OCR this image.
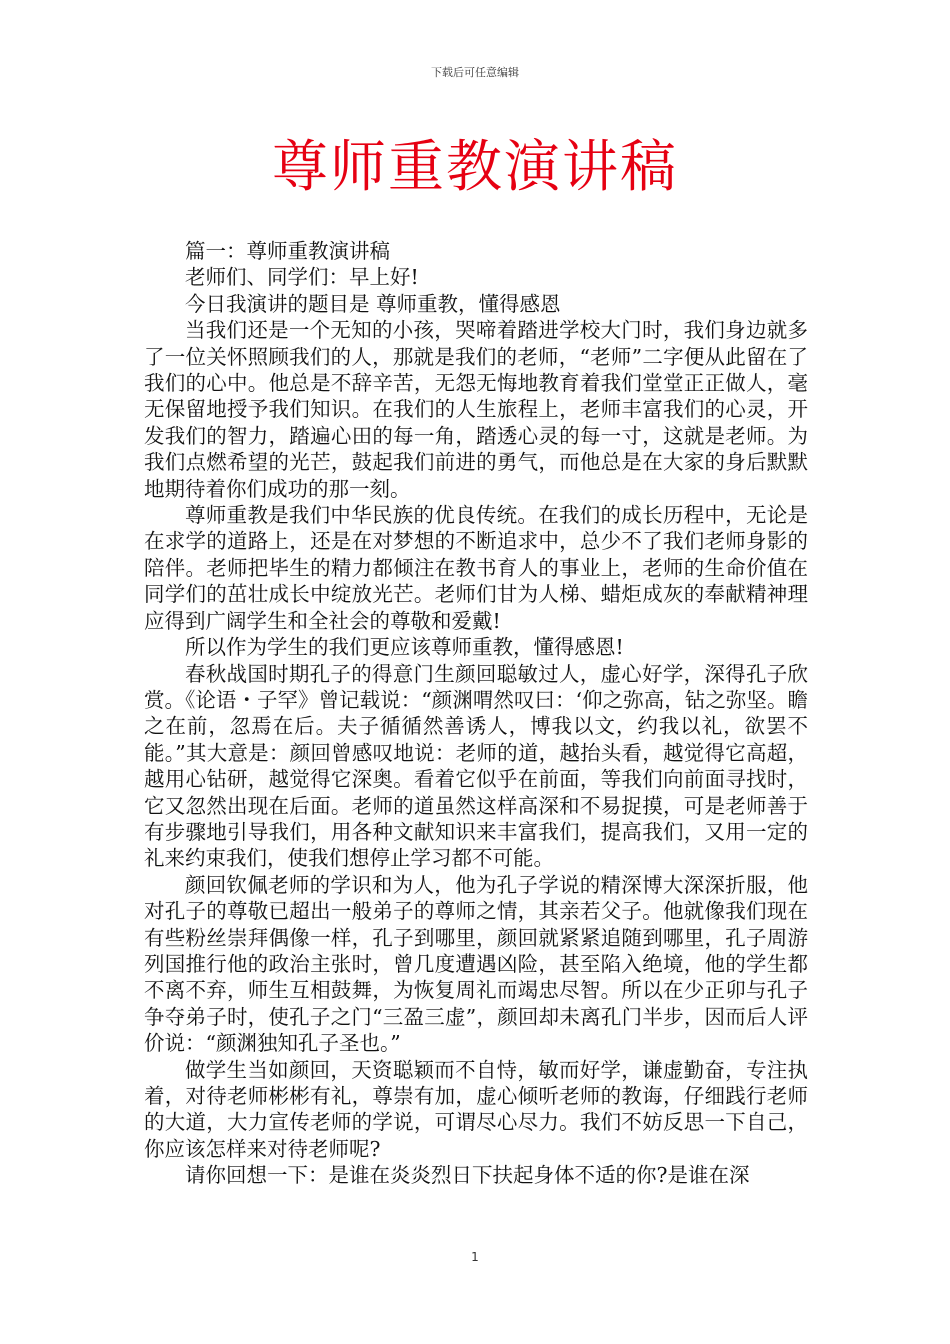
下载后可任意编辑
尊师重教演讲稿

篇一：尊师重教演讲稿

老师们、同学们：早上好!

今日我演讲的题目是 尊师重教，懂得感恩

当我们还是一个无知的小孩，哭啼着踏进学校大门时，我们身边就多了一位关怀照顾我们的人，那就是我们的老师，“老师”二字便从此留在了我们的心中。他总是不辞辛苦，无怨无悔地教育着我们堂堂正正做人，毫无保留地授予我们知识。在我们的人生旅程上，老师丰富我们的心灵，开发我们的智力，踏遍心田的每一角，踏透心灵的每一寸，这就是老师。为我们点燃希望的光芒，鼓起我们前进的勇气，而他总是在大家的身后默默地期待着你们成功的那一刻。

尊师重教是我们中华民族的优良传统。在我们的成长历程中，无论是在求学的道路上，还是在对梦想的不断追求中，总少不了我们老师身影的陪伴。老师把毕生的精力都倾注在教书育人的事业上，老师的生命价值在同学们的茁壮成长中绽放光芒。老师们甘为人梯、蜡炬成灰的奉献精神理应得到广阔学生和全社会的尊敬和爱戴!

所以作为学生的我们更应该尊师重教，懂得感恩!

春秋战国时期孔子的得意门生颜回聪敏过人，虚心好学，深得孔子欣赏。《论语・子罕》曾记载说：“颜渊喟然叹曰：‘仰之弥高，钻之弥坚。瞻之在前，忽焉在后。夫子循循然善诱人，博我以文，约我以礼，欲罢不能。”其大意是：颜回曾感叹地说：老师的道，越抬头看，越觉得它高超，越用心钻研，越觉得它深奥。看着它似乎在前面，等我们向前面寻找时，它又忽然出现在后面。老师的道虽然这样高深和不易捉摸，可是老师善于有步骤地引导我们，用各种文献知识来丰富我们，提高我们，又用一定的礼来约束我们，使我们想停止学习都不可能。

颜回钦佩老师的学识和为人，他为孔子学说的精深博大深深折服，他对孔子的尊敬已超出一般弟子的尊师之情，其亲若父子。他就像我们现在有些粉丝崇拜偶像一样，孔子到哪里，颜回就紧紧追随到哪里，孔子周游列国推行他的政治主张时，曾几度遭遇凶险，甚至陷入绝境，他的学生都不离不弃，师生互相鼓舞，为恢复周礼而竭忠尽智。所以在少正卯与孔子争夺弟子时，使孔子之门“三盈三虚”，颜回却未离孔门半步，因而后人评价说：“颜渊独知孔子圣也。”

做学生当如颜回，天资聪颖而不自恃，敏而好学，谦虚勤奋，专注执着，对待老师彬彬有礼，尊崇有加，虚心倾听老师的教诲，仔细践行老师的大道，大力宣传老师的学说，可谓尽心尽力。我们不妨反思一下自己，你应该怎样来对待老师呢?

请你回想一下：是谁在炎炎烈日下扶起身体不适的你?是谁在深

1
